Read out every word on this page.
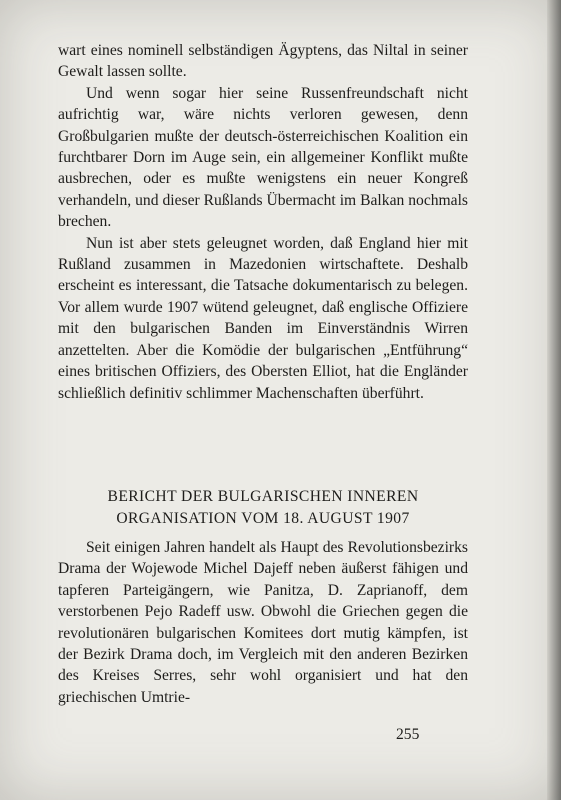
wart eines nominell selbständigen Ägyptens, das Niltal in seiner Gewalt lassen sollte.

Und wenn sogar hier seine Russenfreundschaft nicht aufrichtig war, wäre nichts verloren gewesen, denn Großbulgarien mußte der deutsch-österreichischen Koalition ein furchtbarer Dorn im Auge sein, ein allgemeiner Konflikt mußte ausbrechen, oder es mußte wenigstens ein neuer Kongreß verhandeln, und dieser Rußlands Übermacht im Balkan nochmals brechen.

Nun ist aber stets geleugnet worden, daß England hier mit Rußland zusammen in Mazedonien wirtschaftete. Deshalb erscheint es interessant, die Tatsache dokumentarisch zu belegen. Vor allem wurde 1907 wütend geleugnet, daß englische Offiziere mit den bulgarischen Banden im Einverständnis Wirren anzettelten. Aber die Komödie der bulgarischen „Entführung“ eines britischen Offiziers, des Obersten Elliot, hat die Engländer schließlich definitiv schlimmer Machenschaften überführt.

BERICHT DER BULGARISCHEN INNEREN
ORGANISATION VOM 18. AUGUST 1907

Seit einigen Jahren handelt als Haupt des Revolutionsbezirks Drama der Wojewode Michel Dajeff neben äußerst fähigen und tapferen Parteigängern, wie Panitza, D. Zaprianoff, dem verstorbenen Pejo Radeff usw. Obwohl die Griechen gegen die revolutionären bulgarischen Komitees dort mutig kämpfen, ist der Bezirk Drama doch, im Vergleich mit den anderen Bezirken des Kreises Serres, sehr wohl organisiert und hat den griechischen Umtrie-

255
